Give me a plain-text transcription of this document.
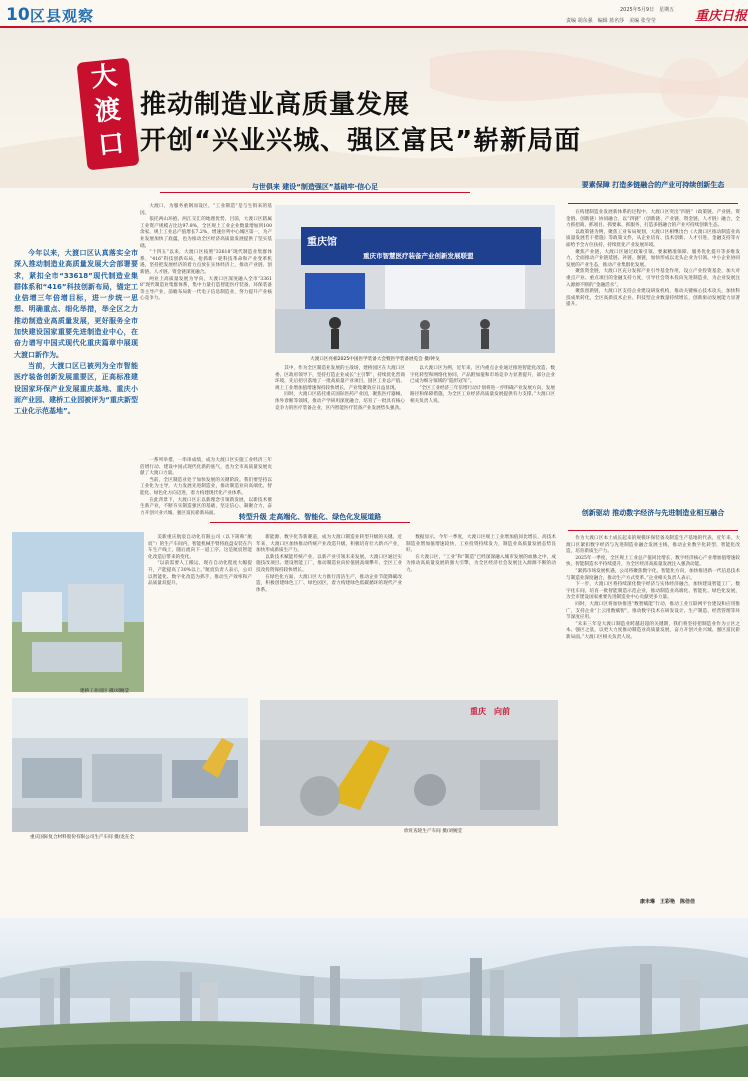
10 区县观察	2025年5月9日　星期五
责编 胡东强　编辑 蓝名莎　美编 张莹莹	重庆日报
大
渡
口
推动制造业高质量发展
开创“兴业兴城、强区富民”崭新局面

今年以来，大渡口区认真落实全市深入推动制造业高质量发展大会部署要求，紧扣全市“33618”现代制造业集群体系和“416”科技创新布局，锚定工业倍增三年倍增目标，进一步统一思想、明确重点、细化举措，举全区之力推动制造业高质量发展，更好服务全市加快建设国家重要先进制造业中心，在奋力谱写中国式现代化重庆篇章中展现大渡口新作为。

当前，大渡口区已被列为全市智能医疗装备创新发展重要区，正高标准建设国家环保产业发展重庆基地、重庆小面产业园、建桥工业园被评为“重庆新型工业化示范基地”。

与世俱来 建设“制造强区”基础牢·信心足

大渡口，为服务重钢而设区，“工业制造”是与生俱来的基因。

依托两山环抱、两江交汇的地理优势，目前，大渡口区辖属工业资产规模占比达97.8%，全区规上工业企业数量增加到100余家，规上工业总产值增长7.2%，增速位列中心城区第一，为产业发展加快了底蕴，也为推动全区经济高质量发展提供了坚实基础。

“十四五”以来，大渡口区按照“33618”现代制造业集群体系、“416”科技创新布局，抢抓新一轮科技革命和产业变革机遇，坚持把发展经济的着力点放在实体经济上，推动产业链、创新链、人才链、资金链深度融合。

两业上高质量发展为导向，大渡口区深度融入全市“33618”现代制造业集群体系，集中力量打造智能医疗装备、环保装备等主导产业，前瞻布局新一代电子信息制造业，努力提升产业核心竞争力。

一系列举措，一串串成绩，成为大渡口区实施工业经济三年倍增行动、建设中国式现代化新的底气，也为全市高质量发展贡献了大渡口力量。

当前，全区制造业处于加快发展的关键阶段。我们要坚持以工业化为主导，大力发展先进制造业，推动制造业向高端化、智能化、绿色化方向迈进，着力构建现代化产业体系。

在此背景下，大渡口区正以新理念引领新发展，以新技术催生新产业，不断夯实制造强区的基础，坚定信心、凝聚合力，奋力开创兴业兴城、强区富民崭新局面。

重庆馆
重庆市智慧医疗装备产业创新发展联盟
大渡口区亮相2025中国医学装备大会暨医学装备展览会 摄/钟戈

其中，作为全区制造业发展的主战场，建桥园区在大渡口区委、区政府领导下，坚持打造企业成长“主引擎”，持续优化营商环境，先后招引落地了一批高质量产业项目，园区工业总产值、规上工业增加值增速保持较快增长，产业集聚效应日益显现。

同时，大渡口区依托重庆国际医药产业园，聚焦医疗器械、体外诊断等领域，推动产学研用深度融合，培育了一批具有核心竞争力的医疗装备企业，区内智能医疗装备产业发展势头强劲。

以大渡口区为例，近年来，区内重点企业通过推进智能化改造、数字化转型和网络化协同，产品附加值和市场竞争力显著提升，部分企业已成为细分领域的“隐形冠军”。

“全区工业经济三年倍增行动计划将进一步明确产业发展方向、发展路径和保障措施，为全区工业经济高质量发展提供有力支撑。”大渡口区相关负责人说。

要素保障 打造多链融合的产业可持续创新生态

在构建制造业发展新体系的过程中，大渡口区突出“四链”（政策链、产业链、资金链、创新链）协同融合，以“四链”（创新链、产业链、资金链、人才链）融合，全力抓招商、抓项目、抓要素、抓服务，打造多链融合的产业可持续创新生态。

以政策链为例，聚焦工业布局规划，大渡口区相继出台《大渡口区推动制造业高质量发展若干措施》等政策文件，从企业培育、技术创新、人才引进、金融支持等方面给予全方位扶持，持续优化产业发展环境。

聚焦产业链，大渡口区通过政策引领、要素精准保障、服务优化提升等多维发力，全面推动产业链延链、补链、强链，加快形成以龙头企业为引领、中小企业协同发展的产业生态，推动产业集群化发展。

聚焦资金链，大渡口区充分发挥产业引导基金作用，设立产业投资基金，加大对重点产业、重点项目的金融支持力度，引导社会资本投向先进制造业，为企业发展注入源源不断的“金融活水”。

聚焦创新链，大渡口区支持企业建设研发机构，推动关键核心技术攻关，加快科技成果转化，全区高新技术企业、科技型企业数量持续增长，创新驱动发展能力显著提升。

创新驱动 推动数字经济与先进制造业相互融合

作为大渡口区本土成长起来的规模环保装备及制造生产基地的代表，近年来，大渡口区紧扣数字经济与先进制造业融合发展主线，推动企业数字化转型、智能化改造，培育新质生产力。

2025年一季度，全区规上工业总产值同比增长，数字经济核心产业增加值增速较快，智能制造水平持续提升，为全区经济高质量发展注入强劲动能。

“紧抓市场发展机遇，公司将聚焦数字化、智能化方向，加快推进新一代信息技术与制造业深度融合，推动生产方式变革。”企业相关负责人表示。

下一步，大渡口区将持续深化数字经济与实体经济融合，加快建设智能工厂、数字化车间，培育一批智能制造示范企业，推动制造业高端化、智能化、绿色化发展，为全市建设国家重要先进制造业中心贡献更多力量。

同时，大渡口区将加快推进“数智赋能”行动，推动工业互联网平台建设和应用推广，支持企业“上云用数赋智”，推动数字技术在研发设计、生产制造、经营管理等环节深度应用。

“未来三年是大渡口制造业跨越赶超的关键期，我们将坚持把制造业作为立区之本、强区之基，以更大力度推动制造业高质量发展，奋力开创兴业兴城、强区富民崭新局面。”大渡口区相关负责人说。

康未琳　王彩艳　陈佳佳
转型升级 走高端化、智能化、绿色化发展道路
建桥工业园区 摄/刘婉莹

美新重庆航宸自动化有限公司（以下简称“航宸”）的生产车间内，智能机械手臂将底盘安装在汽车生产线上，随后流向下一道工序。这是航宸智能化改造后带来的变化。

“以前需要人工搬运，现在自动化程度大幅提升，产能提高了30%以上。”航宸负责人表示，公司以智能化、数字化改造为抓手，推动生产效率和产品质量双提升。

新能源、数字化等新赛道，成为大渡口制造业转型升级的关键。近年来，大渡口区加快推动传统产业改造升级，积极培育壮大新兴产业，加快形成新质生产力。

以新技术赋能传统产业，以新产业引领未来发展。大渡口区通过实施技改项目、建设智能工厂，推动制造业向价值链高端攀升，全区工业技改投资保持较快增长。

在绿色化方面，大渡口区大力推行清洁生产，推动企业节能降碳改造，积极创建绿色工厂、绿色园区，着力构建绿色低碳循环的现代产业体系。

数据显示，今年一季度，大渡口区规上工业增加值同比增长，高技术制造业增加值增速较快，工业投资持续发力，制造业高质量发展态势良好。

在大渡口区，“工业”和“制造”已经深深融入城市发展的血脉之中，成为推动高质量发展的强大引擎，为全区经济社会发展注入源源不断的动力。

重庆国际复合材料股份有限公司生产车间 摄/龙在全
重庆　向前
欣旺齿轮生产车间 摄/刘婉莹
